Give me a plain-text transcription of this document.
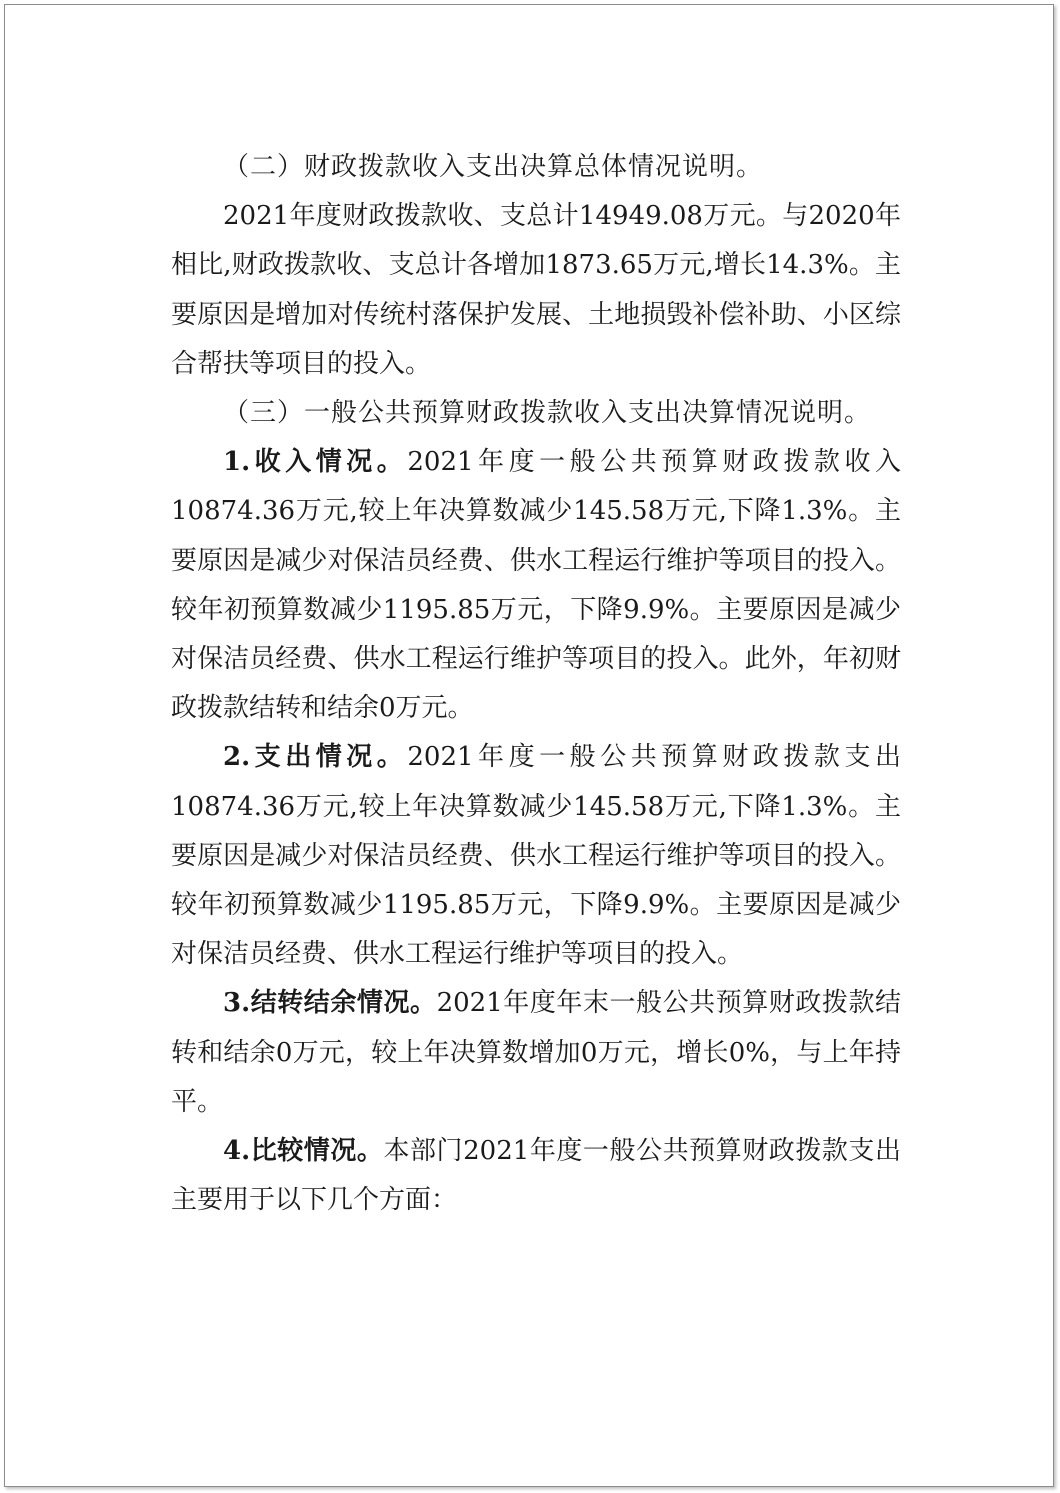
（二）财政拨款收入支出决算总体情况说明。

2021年度财政拨款收、支总计14949.08万元。与2020年相比,财政拨款收、支总计各增加1873.65万元,增长14.3%。主要原因是增加对传统村落保护发展、土地损毁补偿补助、小区综合帮扶等项目的投入。

（三）一般公共预算财政拨款收入支出决算情况说明。

1.收入情况。2021年度一般公共预算财政拨款收入10874.36万元,较上年决算数减少145.58万元,下降1.3%。主要原因是减少对保洁员经费、供水工程运行维护等项目的投入。较年初预算数减少1195.85万元，下降9.9%。主要原因是减少对保洁员经费、供水工程运行维护等项目的投入。此外，年初财政拨款结转和结余0万元。

2.支出情况。2021年度一般公共预算财政拨款支出10874.36万元,较上年决算数减少145.58万元,下降1.3%。主要原因是减少对保洁员经费、供水工程运行维护等项目的投入。较年初预算数减少1195.85万元，下降9.9%。主要原因是减少对保洁员经费、供水工程运行维护等项目的投入。

3.结转结余情况。2021年度年末一般公共预算财政拨款结转和结余0万元，较上年决算数增加0万元，增长0%，与上年持平。

4.比较情况。本部门2021年度一般公共预算财政拨款支出主要用于以下几个方面：
